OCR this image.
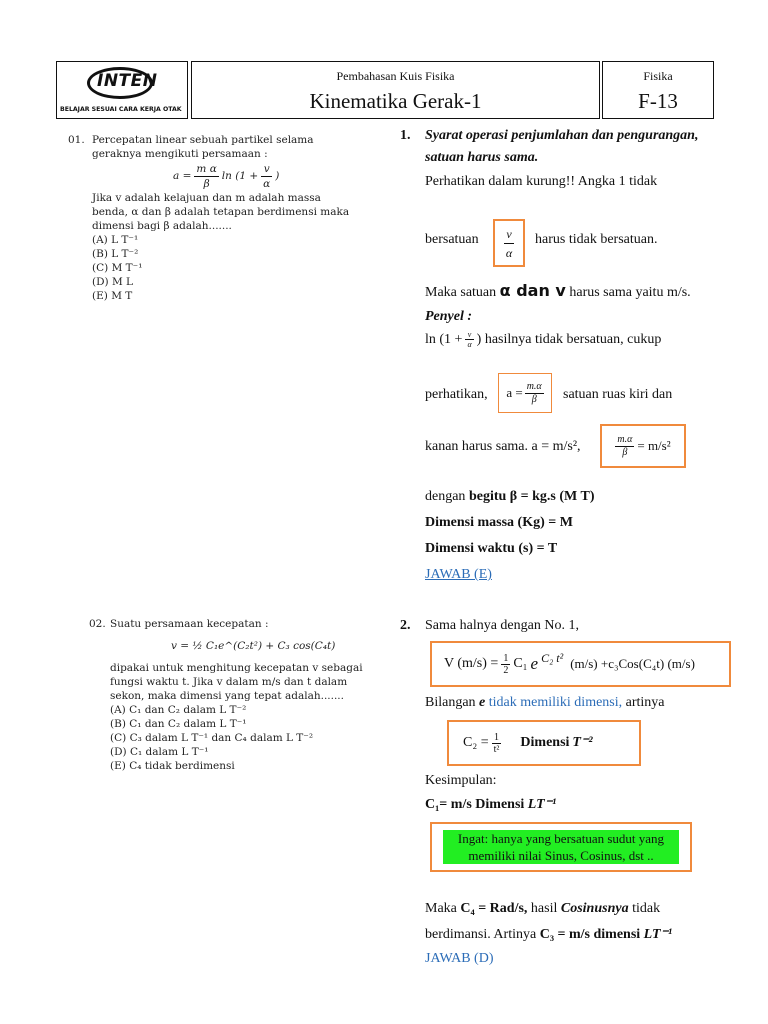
INTEN
BELAJAR SESUAI CARA KERJA OTAK
Pembahasan Kuis Fisika
Kinematika Gerak-1
Fisika
F-13
01. Percepatan linear sebuah partikel selama
geraknya mengikuti persamaan :
$a = \frac{\text{m α}}{\beta}$ $\ln (1 + \frac{v}{\alpha}$ )
Jika v adalah kelajuan dan m adalah massa
benda, α dan β adalah tetapan berdimensi maka
dimensi bagi β adalah.......
(A) L T⁻¹
(B) L T⁻²
(C) M T⁻¹
(D) M L
(E) M T
1. Syarat operasi penjumlahan dan pengurangan,
satuan harus sama.
Perhatikan dalam kurung!! Angka 1 tidak
bersatuan $\frac{v}{\alpha}$ harus tidak bersatuan.
Maka satuan α dan v harus sama yaitu m/s.
Penyel :
$\ln (1 + \frac{v}{\alpha}$ ) hasilnya tidak bersatuan, cukup
perhatikan, $a = \frac{m.\alpha}{\beta}$ satuan ruas kiri dan
kanan harus sama. a = m/s²,	$\frac{m.\alpha}{\beta} = m/s^2$
dengan begitu β = kg.s (M T)
Dimensi massa (Kg) = M
Dimensi waktu (s) = T
JAWAB (E)
02. Suatu persamaan kecepatan :
v = ½ C₁e^(C₂t²) + C₃ cos(C₄t)
dipakai untuk menghitung kecepatan v sebagai
fungsi waktu t. Jika v dalam m/s dan t dalam
sekon, maka dimensi yang tepat adalah.......
(A) C₁ dan C₂ dalam L T⁻²
(B) C₁ dan C₂ dalam L T⁻¹
(C) C₃ dalam L T⁻¹ dan C₄ dalam L T⁻²
(D) C₁ dalam L T⁻¹
(E) C₄ tidak berdimensi
2. Sama halnya dengan No. 1,
V $(m/s) = \frac{1}{2} C_1$ e $^{C_2 t^2}$ (m/s) +c₃Cos(C₄t) (m/s)
Bilangan e tidak memiliki dimensi, artinya
$C_2 = \frac{1}{\text{t²}}$ Dimensi T⁻²
Kesimpulan:
C₁= m/s Dimensi LT⁻¹
Ingat: hanya yang bersatuan sudut yang memiliki nilai Sinus, Cosinus, dst ..
Maka C₄ = Rad/s, hasil Cosinusnya tidak
berdimansi. Artinya C₃ = m/s dimensi LT⁻¹
JAWAB (D)
